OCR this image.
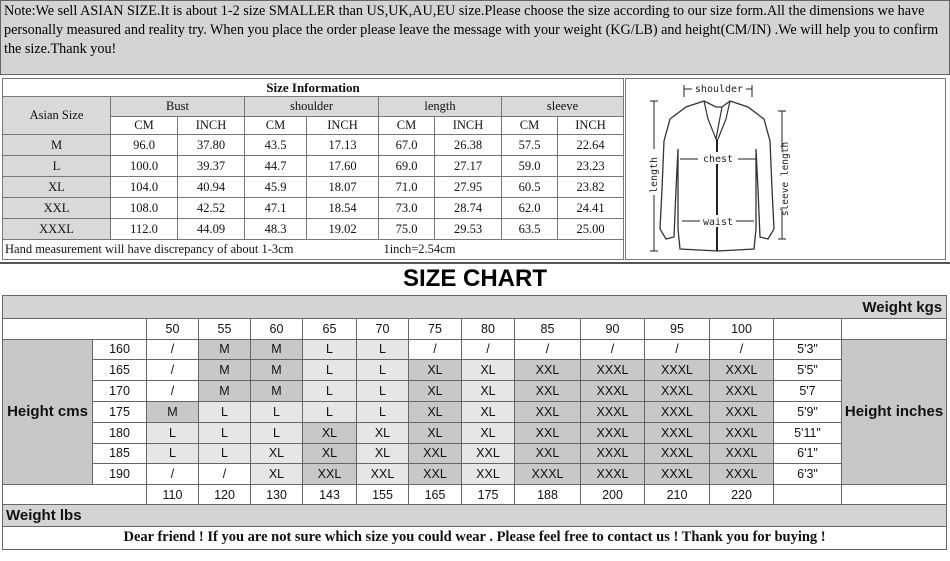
Note:We sell ASIAN SIZE.It is about 1-2 size SMALLER than US,UK,AU,EU size.Please choose the size according to our size form.All the dimensions we have personally measured and reality try. When you place the order please leave the message with your weight (KG/LB) and height(CM/IN) .We will help you to confirm the size.Thank you!
Size Information								
Asian Size	Bust		shoulder		length		sleeve	
	CM	INCH	CM	INCH	CM	INCH	CM	INCH
M	96.0	37.80	43.5	17.13	67.0	26.38	57.5	22.64
L	100.0	39.37	44.7	17.60	69.0	27.17	59.0	23.23
XL	104.0	40.94	45.9	18.07	71.0	27.95	60.5	23.82
XXL	108.0	42.52	47.1	18.54	73.0	28.74	62.0	24.41
XXXL	112.0	44.09	48.3	19.02	75.0	29.53	63.5	25.00
Hand measurement will have discrepancy of about 1-3cm 1inch=2.54cm								
shoulder
chest
waist
length	sleeve length
SIZE CHART
Weight kgs														
		50	55	60	65	70	75	80	85	90	95	100		
Height cms	160	/	M	M	L	L	/	/	/	/	/	/	5'3"	Height inches
	165	/	M	M	L	L	XL	XL	XXL	XXXL	XXXL	XXXL	5'5"	
	170	/	M	M	L	L	XL	XL	XXL	XXXL	XXXL	XXXL	5'7	
	175	M	L	L	L	L	XL	XL	XXL	XXXL	XXXL	XXXL	5'9"	
	180	L	L	L	XL	XL	XL	XL	XXL	XXXL	XXXL	XXXL	5'11"	
	185	L	L	XL	XL	XL	XXL	XXL	XXL	XXXL	XXXL	XXXL	6'1"	
	190	/	/	XL	XXL	XXL	XXL	XXL	XXXL	XXXL	XXXL	XXXL	6'3"	
		110	120	130	143	155	165	175	188	200	210	220		
Weight lbs														
Dear friend ! If you are not sure which size you could wear . Please feel free to contact us ! Thank you for buying !														
